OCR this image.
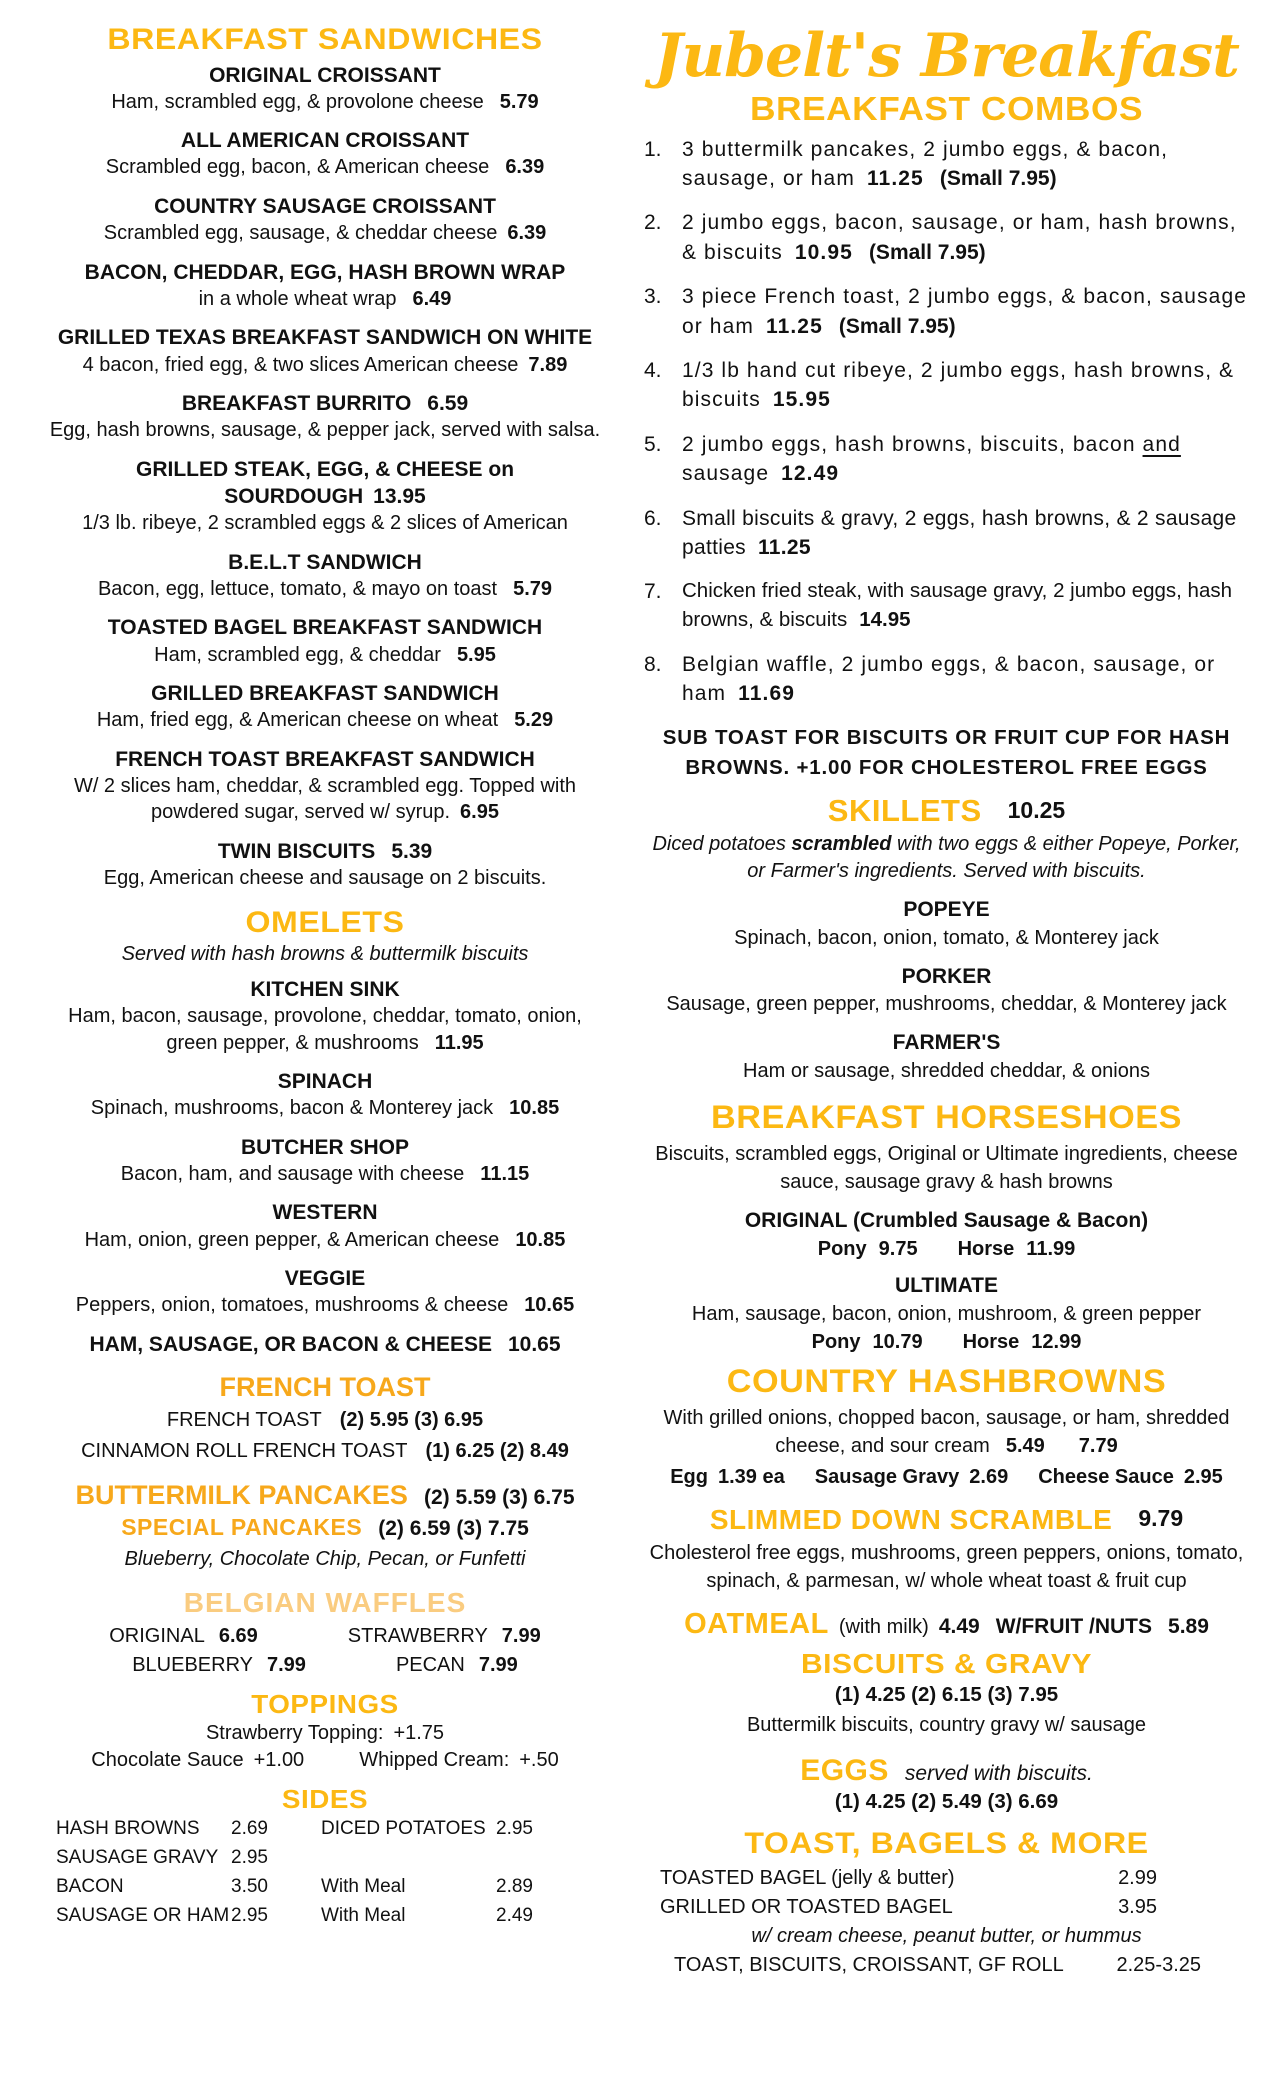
BREAKFAST SANDWICHES
ORIGINAL CROISSANT
Ham, scrambled egg, & provolone cheese 5.79
ALL AMERICAN CROISSANT
Scrambled egg, bacon, & American cheese 6.39
COUNTRY SAUSAGE CROISSANT
Scrambled egg, sausage, & cheddar cheese 6.39
BACON, CHEDDAR, EGG, HASH BROWN WRAP
in a whole wheat wrap 6.49
GRILLED TEXAS BREAKFAST SANDWICH ON WHITE
4 bacon, fried egg, & two slices American cheese 7.89
BREAKFAST BURRITO 6.59
Egg, hash browns, sausage, & pepper jack, served with salsa.
GRILLED STEAK, EGG, & CHEESE on SOURDOUGH 13.95
1/3 lb. ribeye, 2 scrambled eggs & 2 slices of American
B.E.L.T SANDWICH
Bacon, egg, lettuce, tomato, & mayo on toast 5.79
TOASTED BAGEL BREAKFAST SANDWICH
Ham, scrambled egg, & cheddar 5.95
GRILLED BREAKFAST SANDWICH
Ham, fried egg, & American cheese on wheat 5.29
FRENCH TOAST BREAKFAST SANDWICH
W/ 2 slices ham, cheddar, & scrambled egg. Topped with powdered sugar, served w/ syrup. 6.95
TWIN BISCUITS 5.39
Egg, American cheese and sausage on 2 biscuits.
OMELETS
Served with hash browns & buttermilk biscuits
KITCHEN SINK
Ham, bacon, sausage, provolone, cheddar, tomato, onion, green pepper, & mushrooms 11.95
SPINACH
Spinach, mushrooms, bacon & Monterey jack 10.85
BUTCHER SHOP
Bacon, ham, and sausage with cheese 11.15
WESTERN
Ham, onion, green pepper, & American cheese 10.85
VEGGIE
Peppers, onion, tomatoes, mushrooms & cheese 10.65
HAM, SAUSAGE, OR BACON & CHEESE 10.65
FRENCH TOAST
FRENCH TOAST (2) 5.95 (3) 6.95
CINNAMON ROLL FRENCH TOAST (1) 6.25 (2) 8.49
BUTTERMILK PANCAKES (2) 5.59 (3) 6.75
SPECIAL PANCAKES (2) 6.59 (3) 7.75
Blueberry, Chocolate Chip, Pecan, or Funfetti
BELGIAN WAFFLES
ORIGINAL 6.69	STRAWBERRY 7.99
BLUEBERRY 7.99	PECAN 7.99
TOPPINGS
Strawberry Topping: +1.75
Chocolate Sauce +1.00	Whipped Cream: +.50
SIDES
HASH BROWNS	2.69	DICED POTATOES 2.95
SAUSAGE GRAVY 2.95
BACON	3.50	With Meal	2.89
SAUSAGE OR HAM 2.95	With Meal	2.49
Jubelt's Breakfast
BREAKFAST COMBOS
1. 3 buttermilk pancakes, 2 jumbo eggs, & bacon, sausage, or ham 11.25 (Small 7.95)
2. 2 jumbo eggs, bacon, sausage, or ham, hash browns, & biscuits 10.95 (Small 7.95)
3. 3 piece French toast, 2 jumbo eggs, & bacon, sausage or ham 11.25 (Small 7.95)
4. 1/3 lb hand cut ribeye, 2 jumbo eggs, hash browns, & biscuits 15.95
5. 2 jumbo eggs, hash browns, biscuits, bacon and sausage 12.49
6. Small biscuits & gravy, 2 eggs, hash browns, & 2 sausage patties 11.25
7. Chicken fried steak, with sausage gravy, 2 jumbo eggs, hash browns, & biscuits 14.95
8. Belgian waffle, 2 jumbo eggs, & bacon, sausage, or ham 11.69
SUB TOAST FOR BISCUITS OR FRUIT CUP FOR HASH BROWNS. +1.00 FOR CHOLESTEROL FREE EGGS
SKILLETS 10.25
Diced potatoes scrambled with two eggs & either Popeye, Porker, or Farmer's ingredients. Served with biscuits.
POPEYE
Spinach, bacon, onion, tomato, & Monterey jack
PORKER
Sausage, green pepper, mushrooms, cheddar, & Monterey jack
FARMER'S
Ham or sausage, shredded cheddar, & onions
BREAKFAST HORSESHOES
Biscuits, scrambled eggs, Original or Ultimate ingredients, cheese sauce, sausage gravy & hash browns
ORIGINAL (Crumbled Sausage & Bacon)
Pony 9.75 Horse 11.99
ULTIMATE
Ham, sausage, bacon, onion, mushroom, & green pepper
Pony 10.79 Horse 12.99
COUNTRY HASHBROWNS
With grilled onions, chopped bacon, sausage, or ham, shredded cheese, and sour cream 5.49 7.79
Egg 1.39 ea Sausage Gravy 2.69 Cheese Sauce 2.95
SLIMMED DOWN SCRAMBLE 9.79
Cholesterol free eggs, mushrooms, green peppers, onions, tomato, spinach, & parmesan, w/ whole wheat toast & fruit cup
OATMEAL (with milk) 4.49 W/FRUIT /NUTS 5.89
BISCUITS & GRAVY
(1) 4.25 (2) 6.15 (3) 7.95
Buttermilk biscuits, country gravy w/ sausage
EGGS served with biscuits.
(1) 4.25 (2) 5.49 (3) 6.69
TOAST, BAGELS & MORE
TOASTED BAGEL (jelly & butter)	2.99
GRILLED OR TOASTED BAGEL	3.95
w/ cream cheese, peanut butter, or hummus
TOAST, BISCUITS, CROISSANT, GF ROLL	2.25-3.25
